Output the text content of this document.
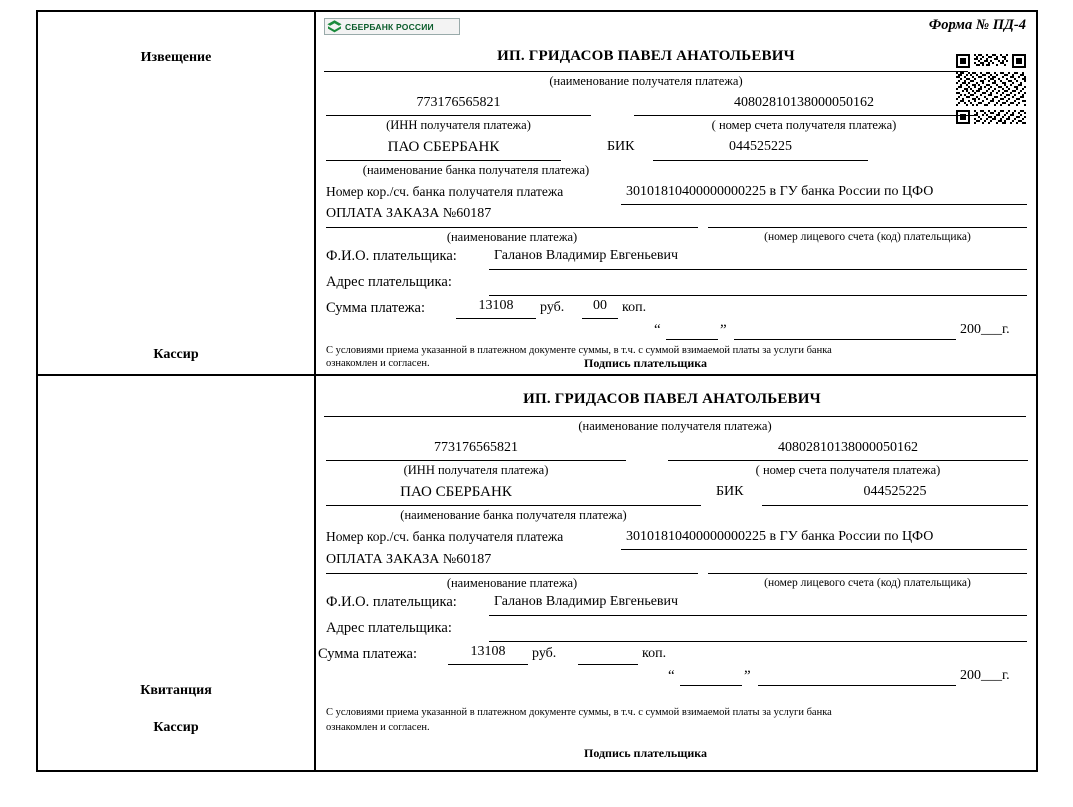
Извещение
Кассир
СБЕРБАНК РОССИИ	Форма № ПД-4
ИП. ГРИДАСОВ ПАВЕЛ АНАТОЛЬЕВИЧ
(наименование получателя платежа)
773176565821	40802810138000050162
(ИНН получателя платежа)	( номер счета получателя платежа)
ПАО СБЕРБАНК
(наименование банка получателя платежа)
БИК	044525225
Номер кор./сч. банка получателя платежа	30101810400000000225 в ГУ банка России по ЦФО
ОПЛАТА ЗАКАЗА №60187
(наименование платежа)	(номер лицевого счета (код) плательщика)
Ф.И.О. плательщика:	Галанов Владимир Евгеньевич
Адрес плательщика:
Сумма платежа:	13108	руб.	00	коп.
“	”	200___г.
С условиями приема указанной в платежном документе суммы, в т.ч. с суммой взимаемой платы за услуги банка
ознакомлен и согласен.	Подпись плательщика
Квитанция
Кассир
ИП. ГРИДАСОВ ПАВЕЛ АНАТОЛЬЕВИЧ
(наименование получателя платежа)
773176565821	40802810138000050162
(ИНН получателя платежа)	( номер счета получателя платежа)
ПАО СБЕРБАНК
(наименование банка получателя платежа)
БИК	044525225
Номер кор./сч. банка получателя платежа	30101810400000000225 в ГУ банка России по ЦФО
ОПЛАТА ЗАКАЗА №60187
(наименование платежа)	(номер лицевого счета (код) плательщика)
Ф.И.О. плательщика:	Галанов Владимир Евгеньевич
Адрес плательщика:
Сумма платежа:	13108	руб.	коп.
“	”	200___г.
С условиями приема указанной в платежном документе суммы, в т.ч. с суммой взимаемой платы за услуги банка
ознакомлен и согласен.
Подпись плательщика
